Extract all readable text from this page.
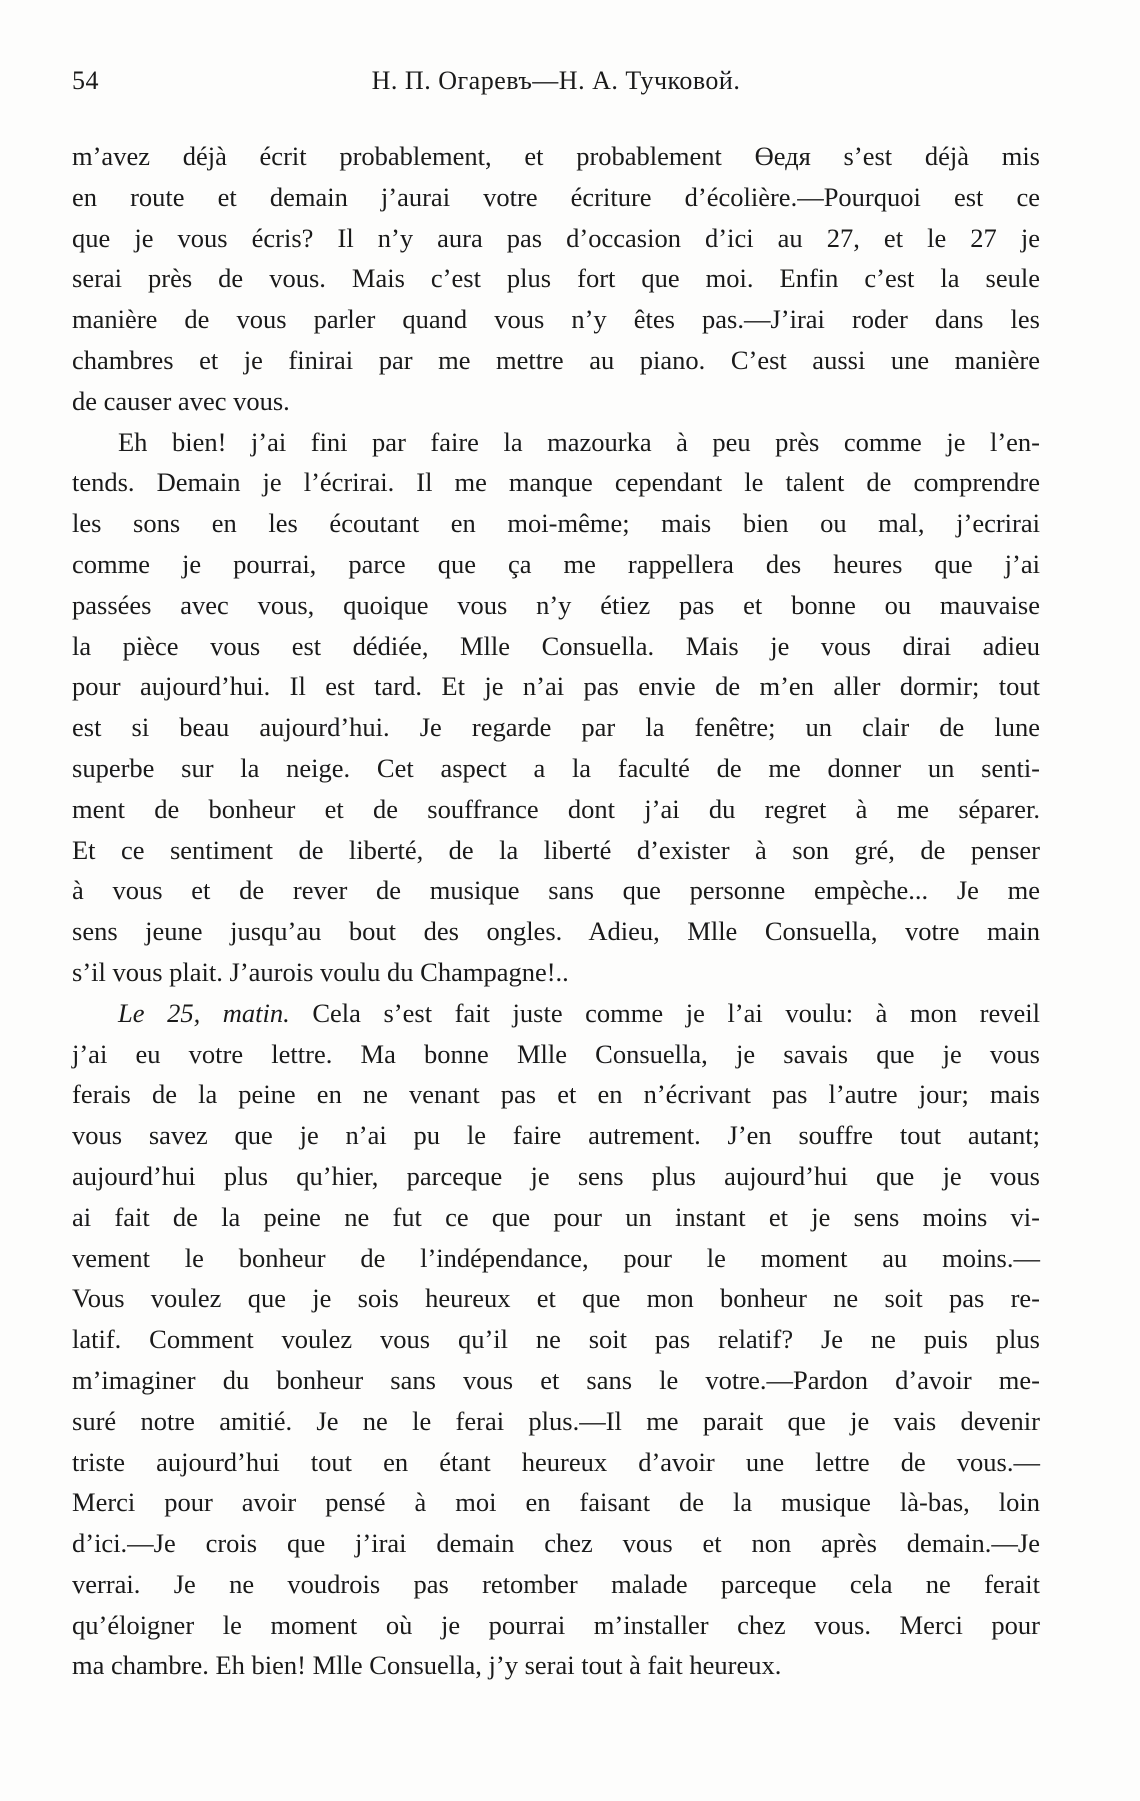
54	Н. П. Огаревъ—Н. А. Тучковой.
m’avez déjà écrit probablement, et probablement Өедя s’est déjà mis
en route et demain j’aurai votre écriture d’écolière.—Pourquoi est ce
que je vous écris? Il n’y aura pas d’occasion d’ici au 27, et le 27 je
serai près de vous. Mais c’est plus fort que moi. Enfin c’est la seule
manière de vous parler quand vous n’y êtes pas.—J’irai roder dans les
chambres et je finirai par me mettre au piano. C’est aussi une manière
de causer avec vous.
Eh bien! j’ai fini par faire la mazourka à peu près comme je l’en-
tends. Demain je l’écrirai. Il me manque cependant le talent de comprendre
les sons en les écoutant en moi-même; mais bien ou mal, j’ecrirai
comme je pourrai, parce que ça me rappellera des heures que j’ai
passées avec vous, quoique vous n’y étiez pas et bonne ou mauvaise
la pièce vous est dédiée, Mlle Consuella. Mais je vous dirai adieu
pour aujourd’hui. Il est tard. Et je n’ai pas envie de m’en aller dormir; tout
est si beau aujourd’hui. Je regarde par la fenêtre; un clair de lune
superbe sur la neige. Cet aspect a la faculté de me donner un senti-
ment de bonheur et de souffrance dont j’ai du regret à me séparer.
Et ce sentiment de liberté, de la liberté d’exister à son gré, de penser
à vous et de rever de musique sans que personne empèche... Je me
sens jeune jusqu’au bout des ongles. Adieu, Mlle Consuella, votre main
s’il vous plait. J’aurois voulu du Champagne!..
Le 25, matin. Cela s’est fait juste comme je l’ai voulu: à mon reveil
j’ai eu votre lettre. Ma bonne Mlle Consuella, je savais que je vous
ferais de la peine en ne venant pas et en n’écrivant pas l’autre jour; mais
vous savez que je n’ai pu le faire autrement. J’en souffre tout autant;
aujourd’hui plus qu’hier, parceque je sens plus aujourd’hui que je vous
ai fait de la peine ne fut ce que pour un instant et je sens moins vi-
vement le bonheur de l’indépendance, pour le moment au moins.—
Vous voulez que je sois heureux et que mon bonheur ne soit pas re-
latif. Comment voulez vous qu’il ne soit pas relatif? Je ne puis plus
m’imaginer du bonheur sans vous et sans le votre.—Pardon d’avoir me-
suré notre amitié. Je ne le ferai plus.—Il me parait que je vais devenir
triste aujourd’hui tout en étant heureux d’avoir une lettre de vous.—
Merci pour avoir pensé à moi en faisant de la musique là-bas, loin
d’ici.—Je crois que j’irai demain chez vous et non après demain.—Je
verrai. Je ne voudrois pas retomber malade parceque cela ne ferait
qu’éloigner le moment où je pourrai m’installer chez vous. Merci pour
ma chambre. Eh bien! Mlle Consuella, j’y serai tout à fait heureux.
